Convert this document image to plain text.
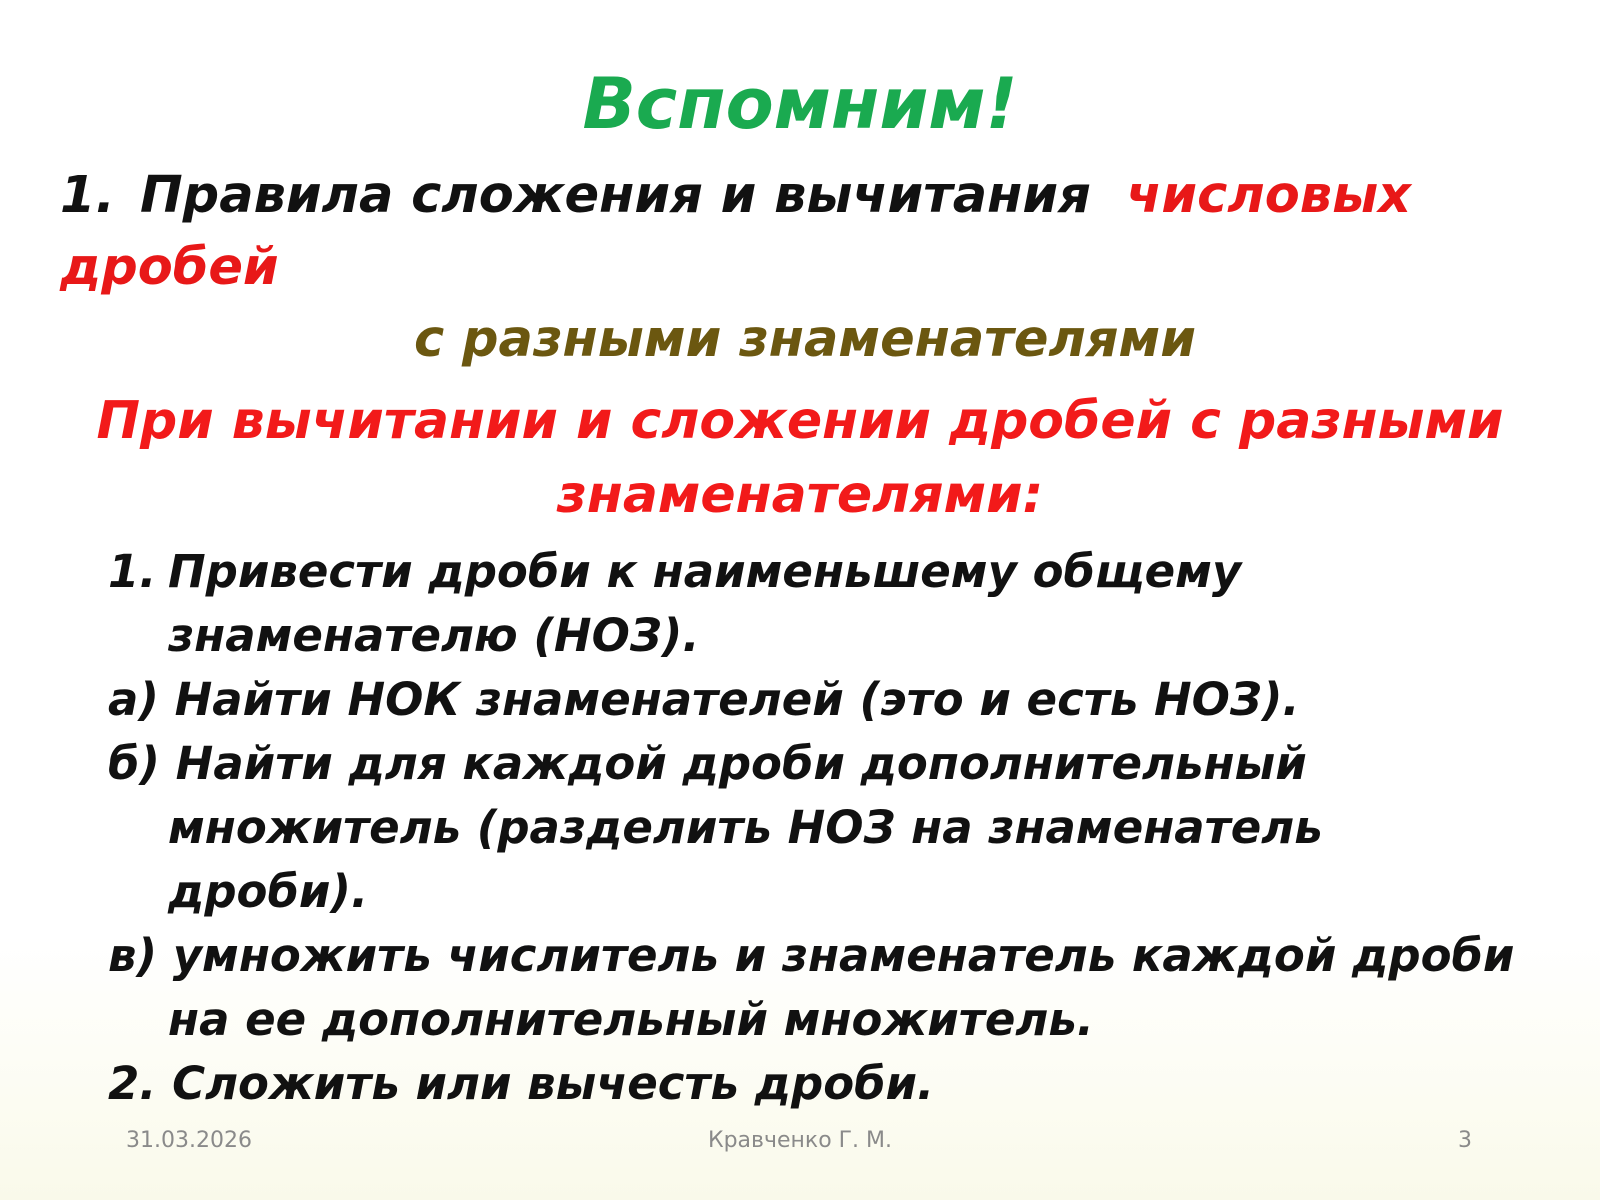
Вспомним!
1. Правила сложения и вычитания числовых дробей
с разными знаменателями
При вычитании и сложении дробей с разными
знаменателями:
1. Привести дроби к наименьшему общему знаменателю (НОЗ).
а) Найти НОК знаменателей (это и есть НОЗ).
б) Найти для каждой дроби дополнительный множитель (разделить НОЗ на знаменатель дроби).
в) умножить числитель и знаменатель каждой дроби на ее дополнительный множитель.
2. Сложить или вычесть дроби.
31.03.2026	Кравченко Г. М.	3
